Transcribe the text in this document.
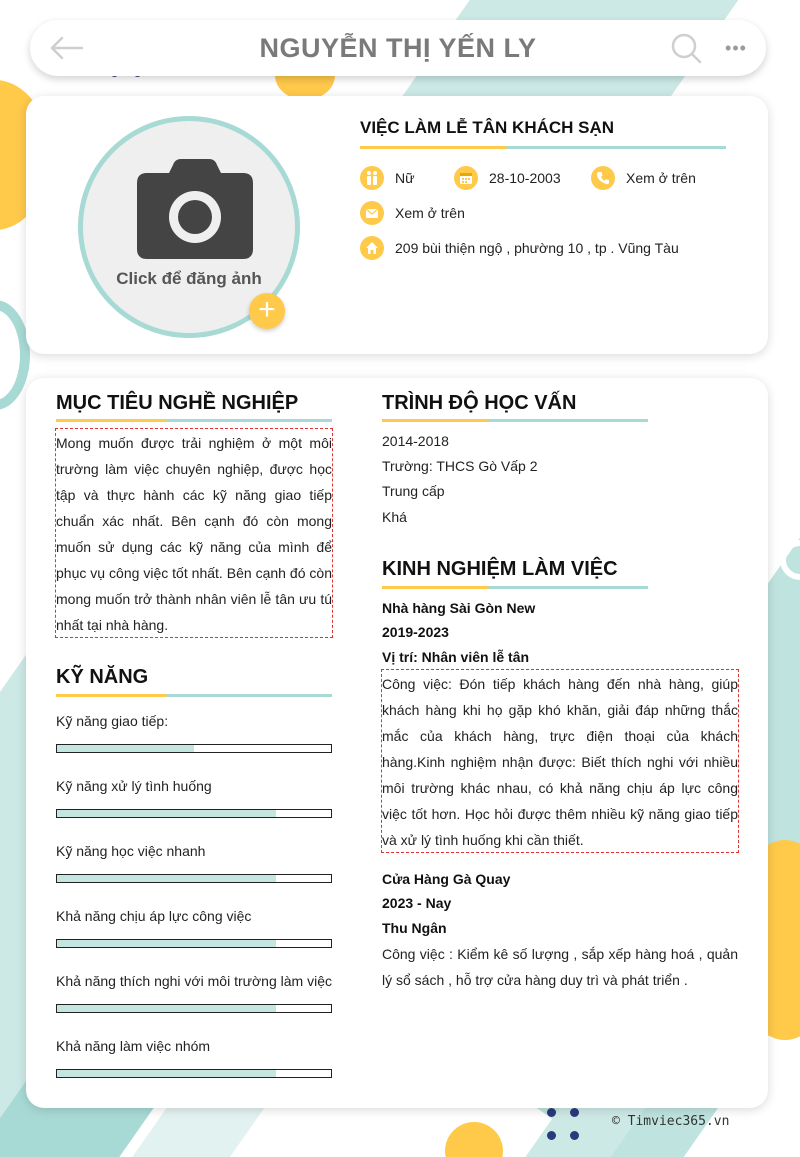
NGUYỄN THỊ YẾN LY	•••
Click để đăng ảnh
+
VIỆC LÀM LỄ TÂN KHÁCH SẠN
Nữ	28-10-2003	Xem ở trên
Xem ở trên
209 bùi thiện ngộ , phường 10 , tp . Vũng Tàu
MỤC TIÊU NGHỀ NGHIỆP
Mong muốn được trải nghiệm ở một môi trường làm việc chuyên nghiệp, được học tập và thực hành các kỹ năng giao tiếp chuẩn xác nhất. Bên cạnh đó còn mong muốn sử dụng các kỹ năng của mình để phục vụ công việc tốt nhất. Bên cạnh đó còn mong muốn trở thành nhân viên lễ tân ưu tú nhất tại nhà hàng.
KỸ NĂNG
Kỹ năng giao tiếp:
Kỹ năng xử lý tình huống
Kỹ năng học việc nhanh
Khả năng chịu áp lực công việc
Khả năng thích nghi với môi trường làm việc
Khả năng làm việc nhóm
TRÌNH ĐỘ HỌC VẤN
2014-2018
Trường: THCS Gò Vấp 2
Trung cấp
Khá
KINH NGHIỆM LÀM VIỆC
Nhà hàng Sài Gòn New
2019-2023
Vị trí: Nhân viên lễ tân
Công việc: Đón tiếp khách hàng đến nhà hàng, giúp khách hàng khi họ gặp khó khăn, giải đáp những thắc mắc của khách hàng, trực điện thoại của khách hàng.Kinh nghiệm nhận được: Biết thích nghi với nhiều môi trường khác nhau, có khả năng chịu áp lực công việc tốt hơn. Học hỏi được thêm nhiều kỹ năng giao tiếp và xử lý tình huống khi cần thiết.
Cửa Hàng Gà Quay
2023 - Nay
Thu Ngân
Công việc : Kiểm kê số lượng , sắp xếp hàng hoá , quản lý sổ sách , hỗ trợ cửa hàng duy trì và phát triển .
© Timviec365.vn
